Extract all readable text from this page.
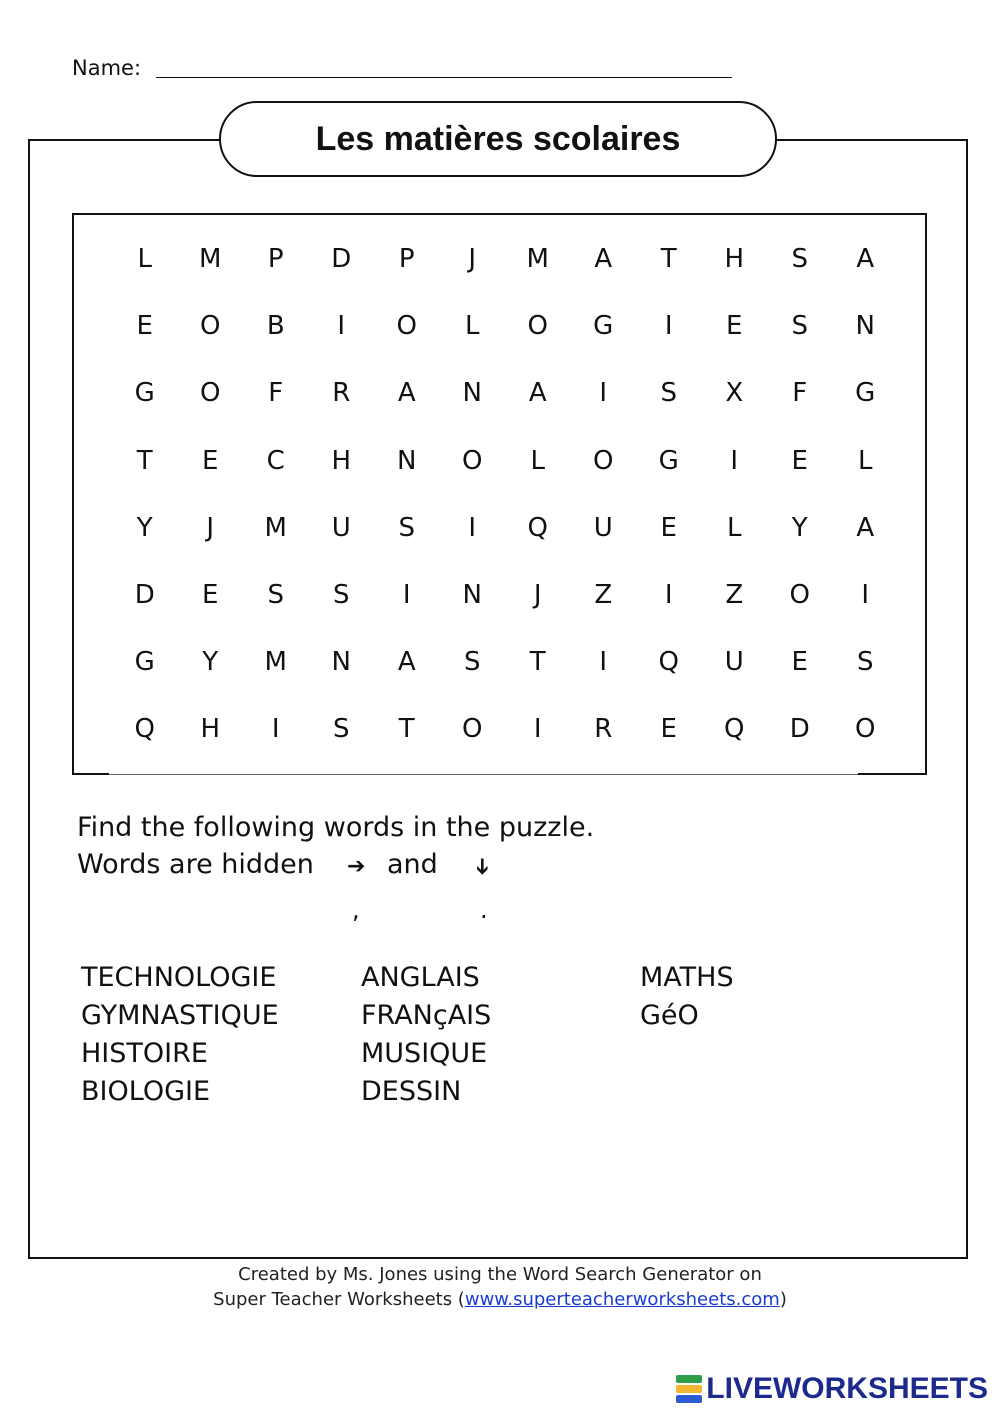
Name:
Les matières scolaires
L	M	P	D	P	J	M	A	T	H	S	A
E	O	B	I	O	L	O	G	I	E	S	N
G	O	F	R	A	N	A	I	S	X	F	G
T	E	C	H	N	O	L	O	G	I	E	L
Y	J	M	U	S	I	Q	U	E	L	Y	A
D	E	S	S	I	N	J	Z	I	Z	O	I
G	Y	M	N	A	S	T	I	Q	U	E	S
Q	H	I	S	T	O	I	R	E	Q	D	O
Find the following words in the puzzle.
Words are hidden ➔ and ➔
,	.
TECHNOLOGIE
GYMNASTIQUE
HISTOIRE
BIOLOGIE
ANGLAIS
FRANçAIS
MUSIQUE
DESSIN
MATHS
GéO
Created by Ms. Jones using the Word Search Generator on
Super Teacher Worksheets (www.superteacherworksheets.com)
LIVEWORKSHEETS
